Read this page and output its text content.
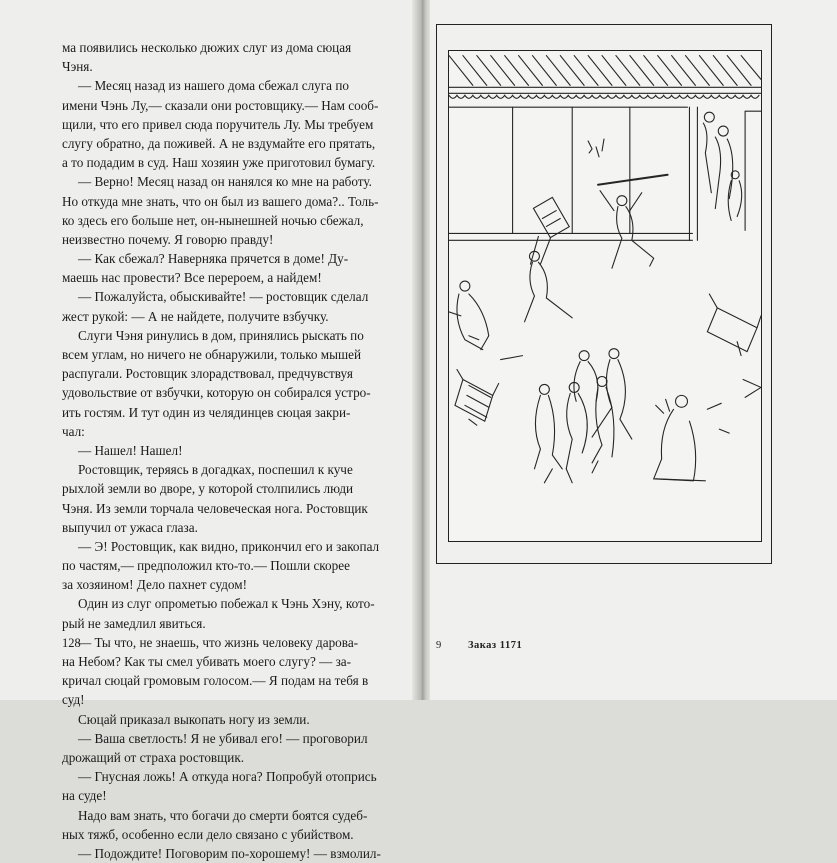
ма появились несколько дюжих слуг из дома сюцая
Чэня.
— Месяц назад из нашего дома сбежал слуга по
имени Чэнь Лу,— сказали они ростовщику.— Нам сооб-
щили, что его привел сюда поручитель Лу. Мы требуем
слугу обратно, да поживей. А не вздумайте его прятать,
а то подадим в суд. Наш хозяин уже приготовил бумагу.
— Верно! Месяц назад он нанялся ко мне на работу.
Но откуда мне знать, что он был из вашего дома?.. Толь-
ко здесь его больше нет, он-нынешней ночью сбежал,
неизвестно почему. Я говорю правду!
— Как сбежал? Наверняка прячется в доме! Ду-
маешь нас провести? Все перероем, а найдем!
— Пожалуйста, обыскивайте! — ростовщик сделал
жест рукой: — А не найдете, получите взбучку.
Слуги Чэня ринулись в дом, принялись рыскать по
всем углам, но ничего не обнаружили, только мышей
распугали. Ростовщик злорадствовал, предчувствуя
удовольствие от взбучки, которую он собирался устро-
ить гостям. И тут один из челядинцев сюцая закри-
чал:
— Нашел! Нашел!
Ростовщик, теряясь в догадках, поспешил к куче
рыхлой земли во дворе, у которой столпились люди
Чэня. Из земли торчала человеческая нога. Ростовщик
выпучил от ужаса глаза.
— Э! Ростовщик, как видно, прикончил его и закопал
по частям,— предположил кто-то.— Пошли скорее
за хозяином! Дело пахнет судом!
Один из слуг опрометью побежал к Чэнь Хэну, кото-
рый не замедлил явиться.
— Ты что, не знаешь, что жизнь человеку дарова-
на Небом? Как ты смел убивать моего слугу? — за-
кричал сюцай громовым голосом.— Я подам на тебя в
суд!
Сюцай приказал выкопать ногу из земли.
— Ваша светлость! Я не убивал его! — проговорил
дрожащий от страха ростовщик.
— Гнусная ложь! А откуда нога? Попробуй отопрись
на суде!
Надо вам знать, что богачи до смерти боятся судеб-
ных тяжб, особенно если дело связано с убийством.
— Подождите! Поговорим по-хорошему! — взмолил-
128	9	Заказ 1171
